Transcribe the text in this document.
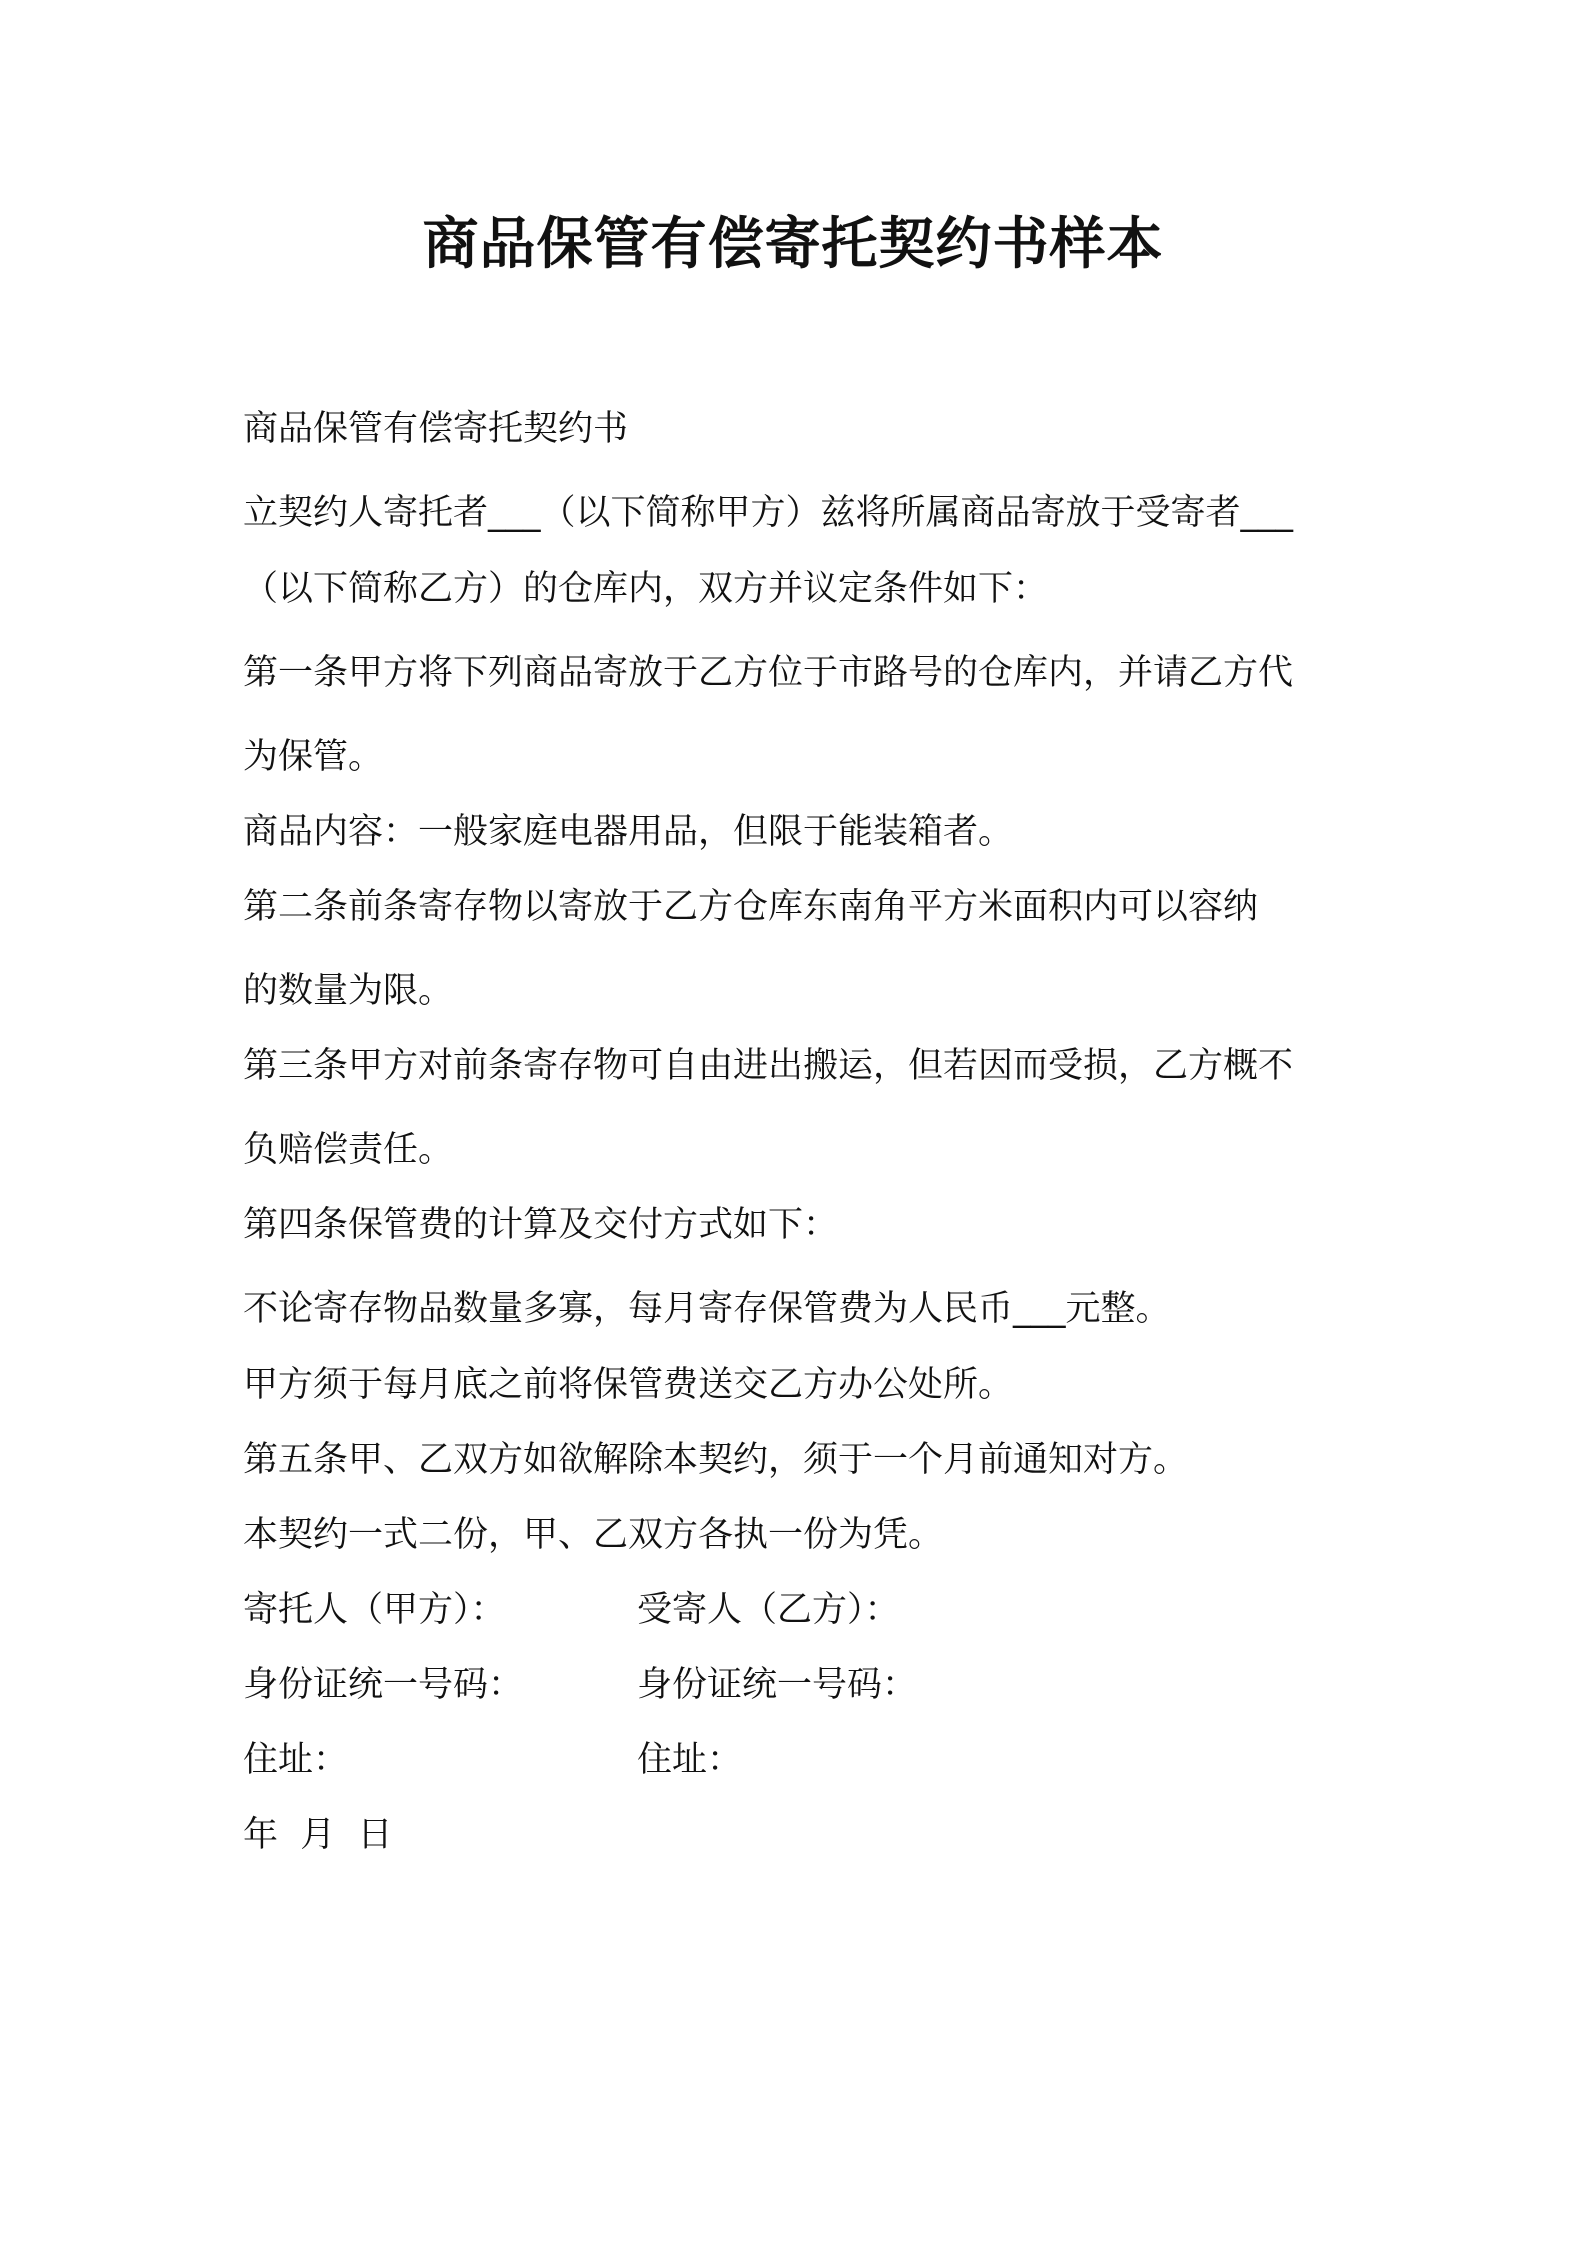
商品保管有偿寄托契约书样本

商品保管有偿寄托契约书

立契约人寄托者___（以下简称甲方）兹将所属商品寄放于受寄者___

（以下简称乙方）的仓库内，双方并议定条件如下：

第一条甲方将下列商品寄放于乙方位于市路号的仓库内，并请乙方代

为保管。

商品内容：一般家庭电器用品，但限于能装箱者。

第二条前条寄存物以寄放于乙方仓库东南角平方米面积内可以容纳

的数量为限。

第三条甲方对前条寄存物可自由进出搬运，但若因而受损，乙方概不

负赔偿责任。

第四条保管费的计算及交付方式如下：

不论寄存物品数量多寡，每月寄存保管费为人民币___元整。

甲方须于每月底之前将保管费送交乙方办公处所。

第五条甲、乙双方如欲解除本契约，须于一个月前通知对方。

本契约一式二份，甲、乙双方各执一份为凭。

寄托人（甲方）：	受寄人（乙方）：
身份证统一号码：	身份证统一号码：
住址：	住址：

年  月  日
